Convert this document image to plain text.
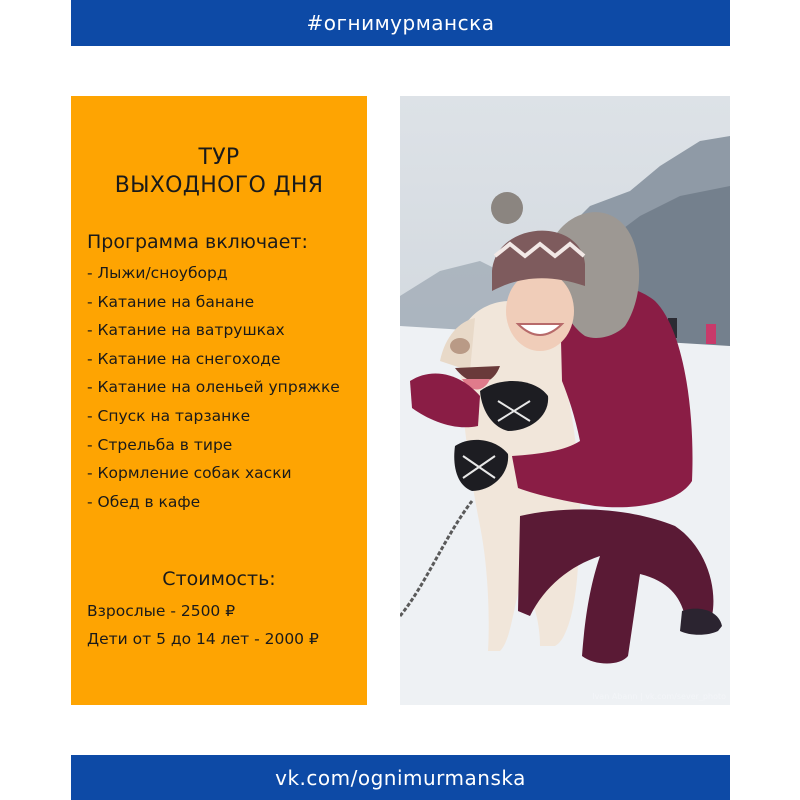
#огнимурманска
ТУР
ВЫХОДНОГО ДНЯ
Программа включает:
- Лыжи/сноуборд
- Катание на банане
- Катание на ватрушках
- Катание на снегоходе
- Катание на оленьей упряжке
- Спуск на тарзанке
- Стрельба в тире
- Кормление собак хаски
- Обед в кафе
Стоимость:
Взрослые - 2500 ₽
Дети от 5 до 14 лет - 2000 ₽
Ivan Abann | vk.com/sever_photo
vk.com/ognimurmanska
